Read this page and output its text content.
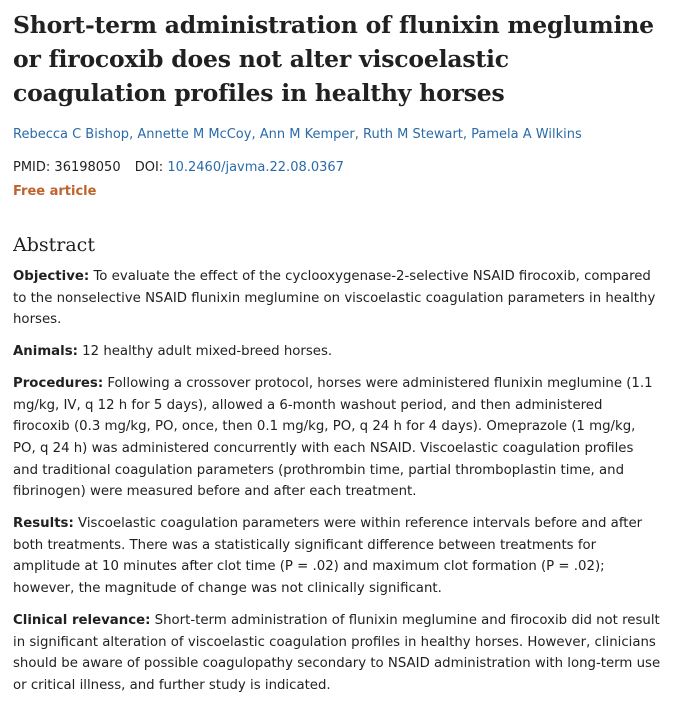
Short-term administration of flunixin meglumine or firocoxib does not alter viscoelastic coagulation profiles in healthy horses
Rebecca C Bishop, Annette M McCoy, Ann M Kemper, Ruth M Stewart, Pamela A Wilkins
PMID: 36198050 DOI: 10.2460/javma.22.08.0367
Free article
Abstract

Objective: To evaluate the effect of the cyclooxygenase-2-selective NSAID firocoxib, compared to the nonselective NSAID flunixin meglumine on viscoelastic coagulation parameters in healthy horses.

Animals: 12 healthy adult mixed-breed horses.

Procedures: Following a crossover protocol, horses were administered flunixin meglumine (1.1 mg/kg, IV, q 12 h for 5 days), allowed a 6-month washout period, and then administered firocoxib (0.3 mg/kg, PO, once, then 0.1 mg/kg, PO, q 24 h for 4 days). Omeprazole (1 mg/kg, PO, q 24 h) was administered concurrently with each NSAID. Viscoelastic coagulation profiles and traditional coagulation parameters (prothrombin time, partial thromboplastin time, and fibrinogen) were measured before and after each treatment.

Results: Viscoelastic coagulation parameters were within reference intervals before and after both treatments. There was a statistically significant difference between treatments for amplitude at 10 minutes after clot time (P = .02) and maximum clot formation (P = .02); however, the magnitude of change was not clinically significant.

Clinical relevance: Short-term administration of flunixin meglumine and firocoxib did not result in significant alteration of viscoelastic coagulation profiles in healthy horses. However, clinicians should be aware of possible coagulopathy secondary to NSAID administration with long-term use or critical illness, and further study is indicated.
